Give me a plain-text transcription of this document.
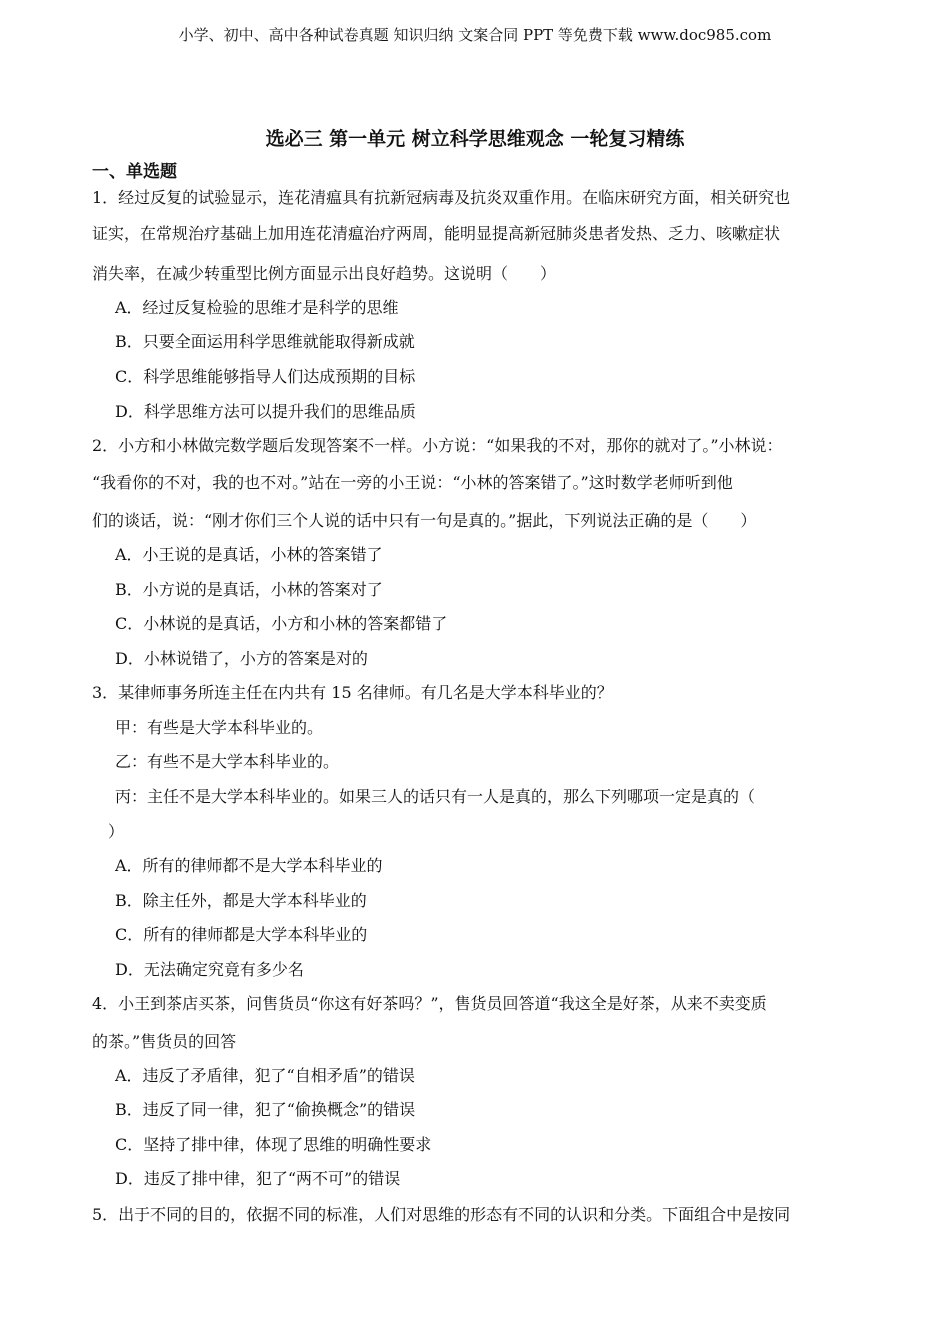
小学、初中、高中各种试卷真题 知识归纳 文案合同 PPT 等免费下载 www.doc985.com
选必三 第一单元 树立科学思维观念 一轮复习精练
一、单选题
1．经过反复的试验显示，连花清瘟具有抗新冠病毒及抗炎双重作用。在临床研究方面，相关研究也
证实，在常规治疗基础上加用连花清瘟治疗两周，能明显提高新冠肺炎患者发热、乏力、咳嗽症状
消失率，在减少转重型比例方面显示出良好趋势。这说明（　　）
A．经过反复检验的思维才是科学的思维
B．只要全面运用科学思维就能取得新成就
C．科学思维能够指导人们达成预期的目标
D．科学思维方法可以提升我们的思维品质
2．小方和小林做完数学题后发现答案不一样。小方说：“如果我的不对，那你的就对了。”小林说：
“我看你的不对，我的也不对。”站在一旁的小王说：“小林的答案错了。”这时数学老师听到他
们的谈话，说：“刚才你们三个人说的话中只有一句是真的。”据此，下列说法正确的是（　　）
A．小王说的是真话，小林的答案错了
B．小方说的是真话，小林的答案对了
C．小林说的是真话，小方和小林的答案都错了
D．小林说错了，小方的答案是对的
3．某律师事务所连主任在内共有 15 名律师。有几名是大学本科毕业的？
甲：有些是大学本科毕业的。
乙：有些不是大学本科毕业的。
丙：主任不是大学本科毕业的。如果三人的话只有一人是真的，那么下列哪项一定是真的（
）
A．所有的律师都不是大学本科毕业的
B．除主任外，都是大学本科毕业的
C．所有的律师都是大学本科毕业的
D．无法确定究竟有多少名
4．小王到茶店买茶，问售货员“你这有好茶吗？”，售货员回答道“我这全是好茶，从来不卖变质
的茶。”售货员的回答
A．违反了矛盾律，犯了“自相矛盾”的错误
B．违反了同一律，犯了“偷换概念”的错误
C．坚持了排中律，体现了思维的明确性要求
D．违反了排中律，犯了“两不可”的错误
5．出于不同的目的，依据不同的标准，人们对思维的形态有不同的认识和分类。下面组合中是按同
